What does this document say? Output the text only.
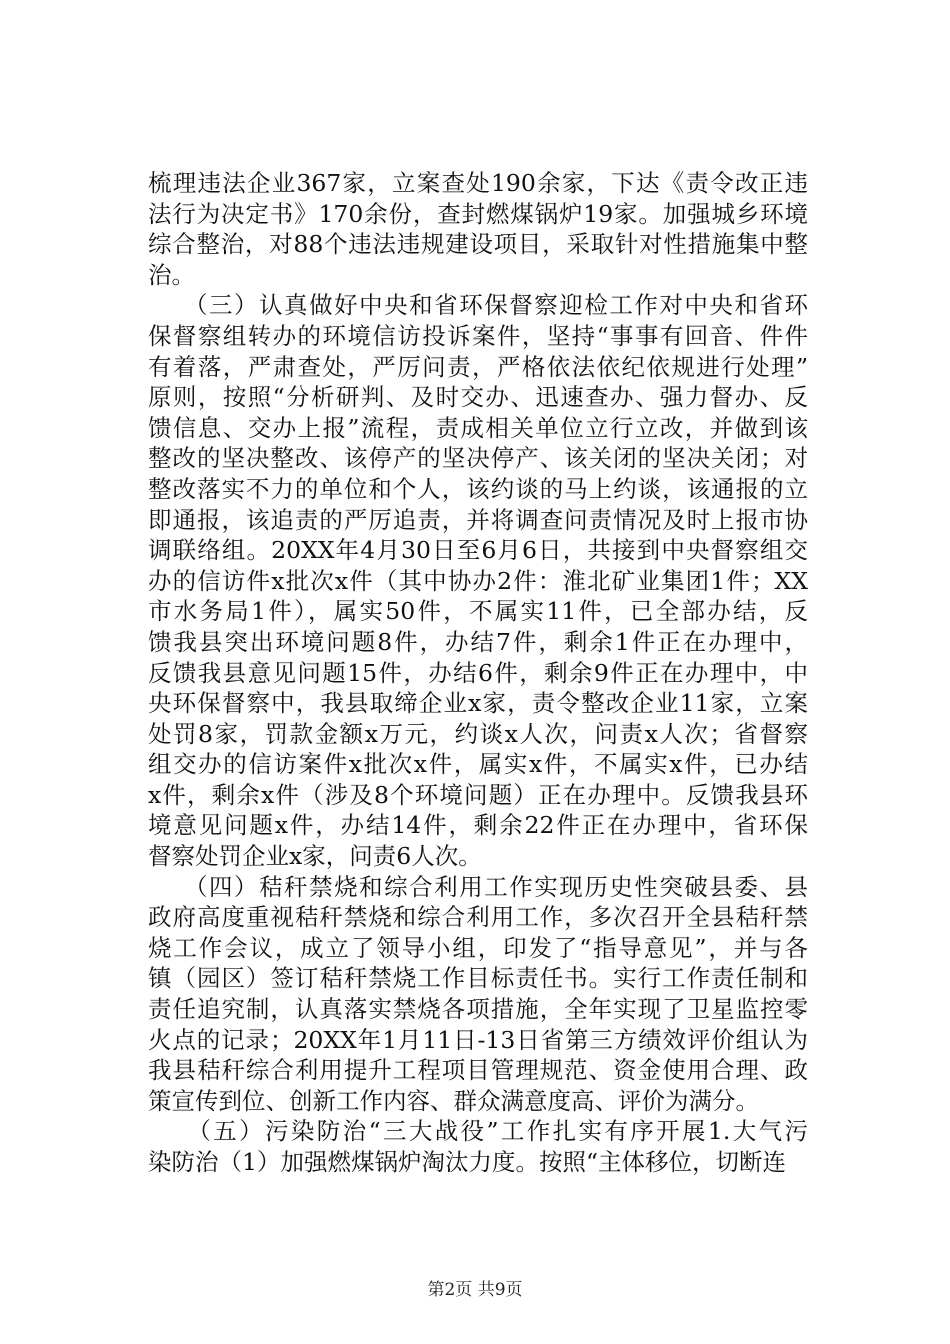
梳理违法企业367家，立案查处190余家，下达《责令改正违
法行为决定书》170余份，查封燃煤锅炉19家。加强城乡环境
综合整治，对88个违法违规建设项目，采取针对性措施集中整
治。
（三）认真做好中央和省环保督察迎检工作对中央和省环
保督察组转办的环境信访投诉案件，坚持“事事有回音、件件
有着落，严肃查处，严厉问责，严格依法依纪依规进行处理”
原则，按照“分析研判、及时交办、迅速查办、强力督办、反
馈信息、交办上报”流程，责成相关单位立行立改，并做到该
整改的坚决整改、该停产的坚决停产、该关闭的坚决关闭；对
整改落实不力的单位和个人，该约谈的马上约谈，该通报的立
即通报，该追责的严厉追责，并将调查问责情况及时上报市协
调联络组。20XX年4月30日至6月6日，共接到中央督察组交
办的信访件x批次x件（其中协办2件：淮北矿业集团1件；XX
市水务局1件），属实50件，不属实11件，已全部办结，反
馈我县突出环境问题8件，办结7件，剩余1件正在办理中，
反馈我县意见问题15件，办结6件，剩余9件正在办理中，中
央环保督察中，我县取缔企业x家，责令整改企业11家，立案
处罚8家，罚款金额x万元，约谈x人次，问责x人次；省督察
组交办的信访案件x批次x件，属实x件，不属实x件，已办结
x件，剩余x件（涉及8个环境问题）正在办理中。反馈我县环
境意见问题x件，办结14件，剩余22件正在办理中，省环保
督察处罚企业x家，问责6人次。
（四）秸秆禁烧和综合利用工作实现历史性突破县委、县
政府高度重视秸秆禁烧和综合利用工作，多次召开全县秸秆禁
烧工作会议，成立了领导小组，印发了“指导意见”，并与各
镇（园区）签订秸秆禁烧工作目标责任书。实行工作责任制和
责任追究制，认真落实禁烧各项措施，全年实现了卫星监控零
火点的记录；20XX年1月11日-13日省第三方绩效评价组认为
我县秸秆综合利用提升工程项目管理规范、资金使用合理、政
策宣传到位、创新工作内容、群众满意度高、评价为满分。
（五）污染防治“三大战役”工作扎实有序开展1.大气污
染防治（1）加强燃煤锅炉淘汰力度。按照“主体移位，切断连
第2页 共9页
